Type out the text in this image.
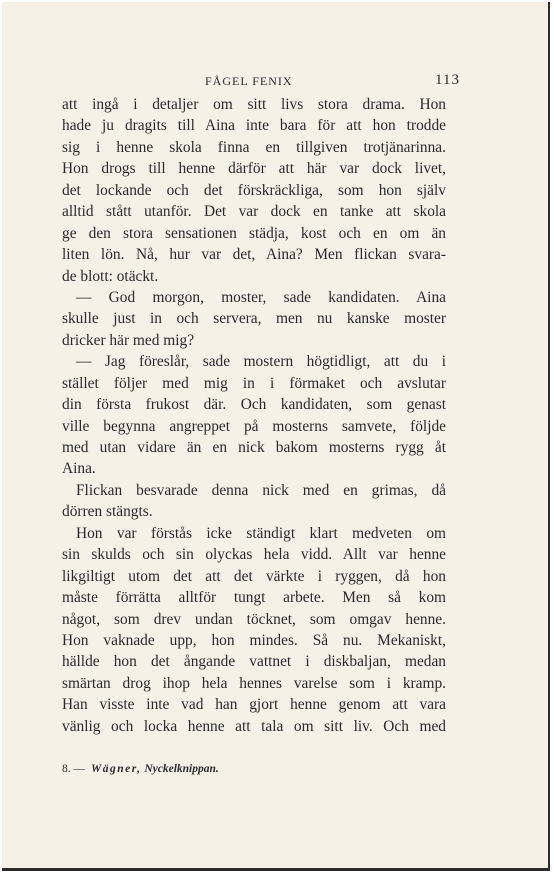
FÅGEL FENIX	113
att ingå i detaljer om sitt livs stora drama. Hon
hade ju dragits till Aina inte bara för att hon trodde
sig i henne skola finna en tillgiven trotjänarinna.
Hon drogs till henne därför att här var dock livet,
det lockande och det förskräckliga, som hon själv
alltid stått utanför. Det var dock en tanke att skola
ge den stora sensationen städja, kost och en om än
liten lön. Nå, hur var det, Aina? Men flickan svara-
de blott: otäckt.
— God morgon, moster, sade kandidaten. Aina
skulle just in och servera, men nu kanske moster
dricker här med mig?
— Jag föreslår, sade mostern högtidligt, att du i
stället följer med mig in i förmaket och avslutar
din första frukost där. Och kandidaten, som genast
ville begynna angreppet på mosterns samvete, följde
med utan vidare än en nick bakom mosterns rygg åt
Aina.
Flickan besvarade denna nick med en grimas, då
dörren stängts.
Hon var förstås icke ständigt klart medveten om
sin skulds och sin olyckas hela vidd. Allt var henne
likgiltigt utom det att det värkte i ryggen, då hon
måste förrätta alltför tungt arbete. Men så kom
något, som drev undan töcknet, som omgav henne.
Hon vaknade upp, hon mindes. Så nu. Mekaniskt,
hällde hon det ångande vattnet i diskbaljan, medan
smärtan drog ihop hela hennes varelse som i kramp.
Han visste inte vad han gjort henne genom att vara
vänlig och locka henne att tala om sitt liv. Och med
8. — Wägner, Nyckelknippan.
